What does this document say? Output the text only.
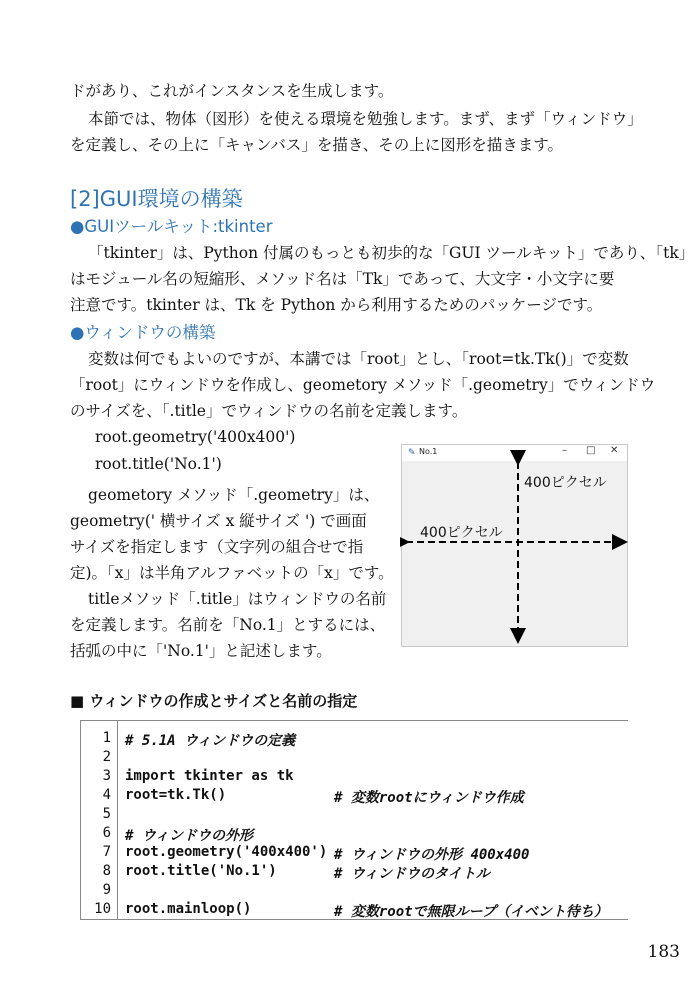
ドがあり、これがインスタンスを生成します。
本節では、物体（図形）を使える環境を勉強します。まず、まず「ウィンドウ」
を定義し、その上に「キャンバス」を描き、その上に図形を描きます。
[2]GUI環境の構築
●GUIツールキット:tkinter
「tkinter」は、Python 付属のもっとも初歩的な「GUI ツールキット」であり、「tk」
はモジュール名の短縮形、メソッド名は「Tk」であって、大文字・小文字に要
注意です。tkinter は、Tk を Python から利用するためのパッケージです。
●ウィンドウの構築
変数は何でもよいのですが、本講では「root」とし、「root=tk.Tk()」で変数
「root」にウィンドウを作成し、geometory メソッド「.geometry」でウィンドウ
のサイズを、「.title」でウィンドウの名前を定義します。
root.geometry('400x400')
root.title('No.1')
geometory メソッド「.geometry」は、
geometry(' 横サイズ x 縦サイズ ') で画面
サイズを指定します（文字列の組合せで指
定)。「x」は半角アルファベットの「x」です。
titleメソッド「.title」はウィンドウの名前
を定義します。名前を「No.1」とするには、
括弧の中に「'No.1'」と記述します。
✎ No.1	– □ ✕
400ピクセル
400ピクセル
■ ウィンドウの作成とサイズと名前の指定
1
2
3
4
5
6
7
8
9
10
# 5.1A ウィンドウの定義
import tkinter as tk
root=tk.Tk()
# ウィンドウの外形
root.geometry('400x400')
root.title('No.1')
root.mainloop()
# 変数rootにウィンドウ作成
# ウィンドウの外形 400x400
# ウィンドウのタイトル
# 変数rootで無限ループ（イベント待ち）
183
